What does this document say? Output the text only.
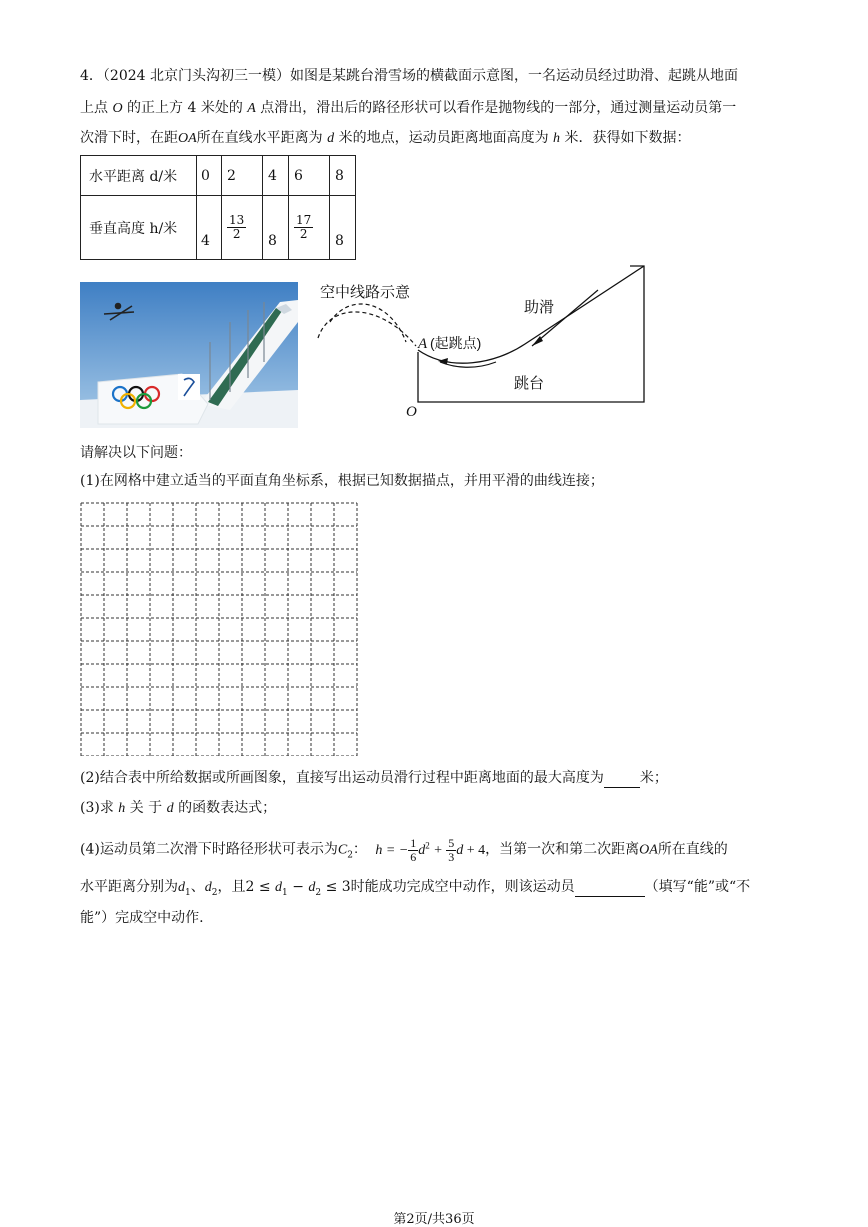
4．（2024 北京门头沟初三一模）如图是某跳台滑雪场的横截面示意图，一名运动员经过助滑、起跳从地面
上点 O 的正上方 4 米处的 A 点滑出，滑出后的路径形状可以看作是抛物线的一部分，通过测量运动员第一
次滑下时，在距OA所在直线水平距离为 d 米的地点，运动员距离地面高度为 h 米．获得如下数据：
水平距离 d/米	0	2	4	6	8
垂直高度 h/米	4	$\frac{13}{2}$	8	$\frac{17}{2}$	8
空中线路示意
助滑
A (起跳点)
跳台
O
请解决以下问题：
(1)在网格中建立适当的平面直角坐标系，根据已知数据描点，并用平滑的曲线连接；
(2)结合表中所给数据或所画图象，直接写出运动员滑行过程中距离地面的最大高度为	米；
(3)求 h 关 于 d 的函数表达式；
(4)运动员第二次滑下时路径形状可表示为$C_2$： h = − $\frac{1}{6} d^2 + \frac{5}{3}$ d + 4，当第一次和第二次距离OA所在直线的
水平距离分别为$d_1$、$d_2$，且$2 \le d_1 - d_2 \le 3$时能成功完成空中动作，则该运动员	（填写“能”或“不
能”）完成空中动作.
第2页/共36页
